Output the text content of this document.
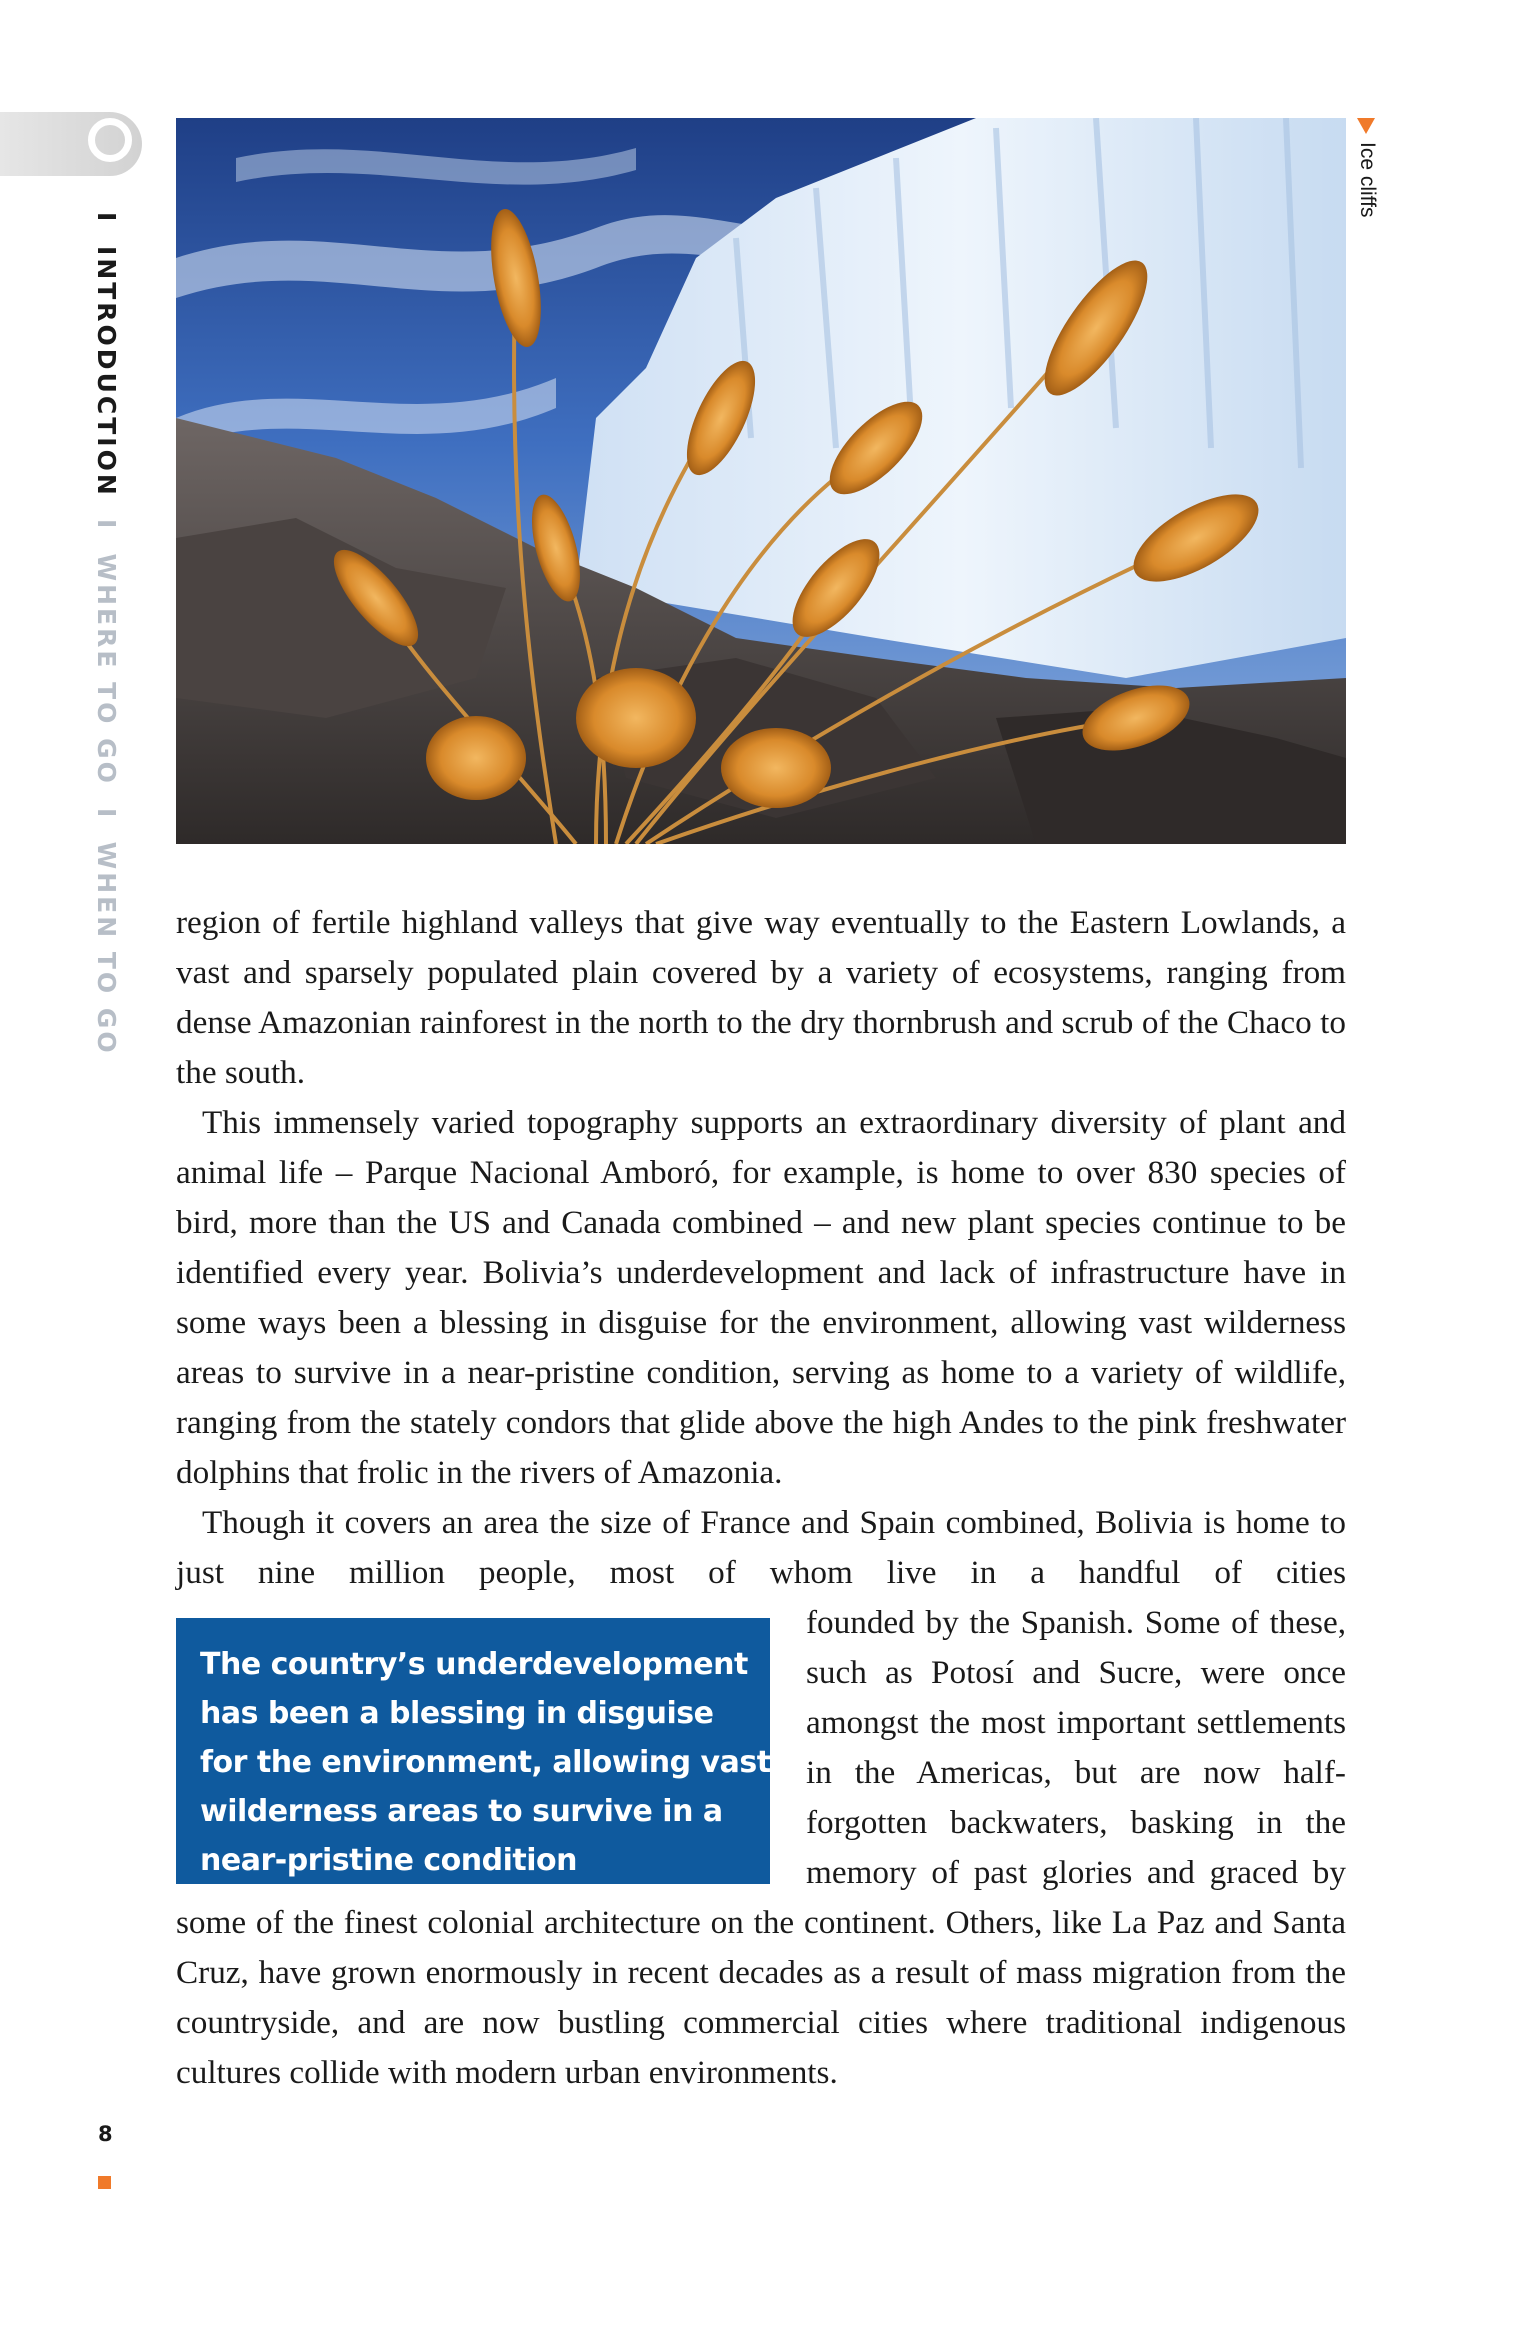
I INTRODUCTION I WHERE TO GO I WHEN TO GO
Ice cliffs

region of fertile highland valleys that give way eventually to the Eastern Lowlands, a vast and sparsely populated plain covered by a variety of ecosystems, ranging from dense Amazonian rainforest in the north to the dry thornbrush and scrub of the Chaco to the south.

This immensely varied topography supports an extraordinary diversity of plant and animal life – Parque Nacional Amboró, for example, is home to over 830 species of bird, more than the US and Canada combined – and new plant species continue to be identified every year. Bolivia’s underdevelopment and lack of infrastructure have in some ways been a blessing in disguise for the environment, allowing vast wilderness areas to survive in a near-pristine condition, serving as home to a variety of wildlife, ranging from the stately condors that glide above the high Andes to the pink freshwater dolphins that frolic in the rivers of Amazonia.

Though it covers an area the size of France and Spain combined, Bolivia is home to just nine million people, most of whom live in a handful of cities

The country’s underdevelopment
has been a blessing in disguise
for the environment, allowing vast
wilderness areas to survive in a
near-pristine condition

founded by the Spanish. Some of these, such as Potosí and Sucre, were once amongst the most important settlements in the Americas, but are now half-forgotten backwaters, basking in the memory of past glories and graced by some of the finest colonial architecture on the continent. Others, like La Paz and Santa Cruz, have grown enormously in recent decades as a result of mass migration from the countryside, and are now bustling commercial cities where traditional indigenous cultures collide with modern urban environments.

8
